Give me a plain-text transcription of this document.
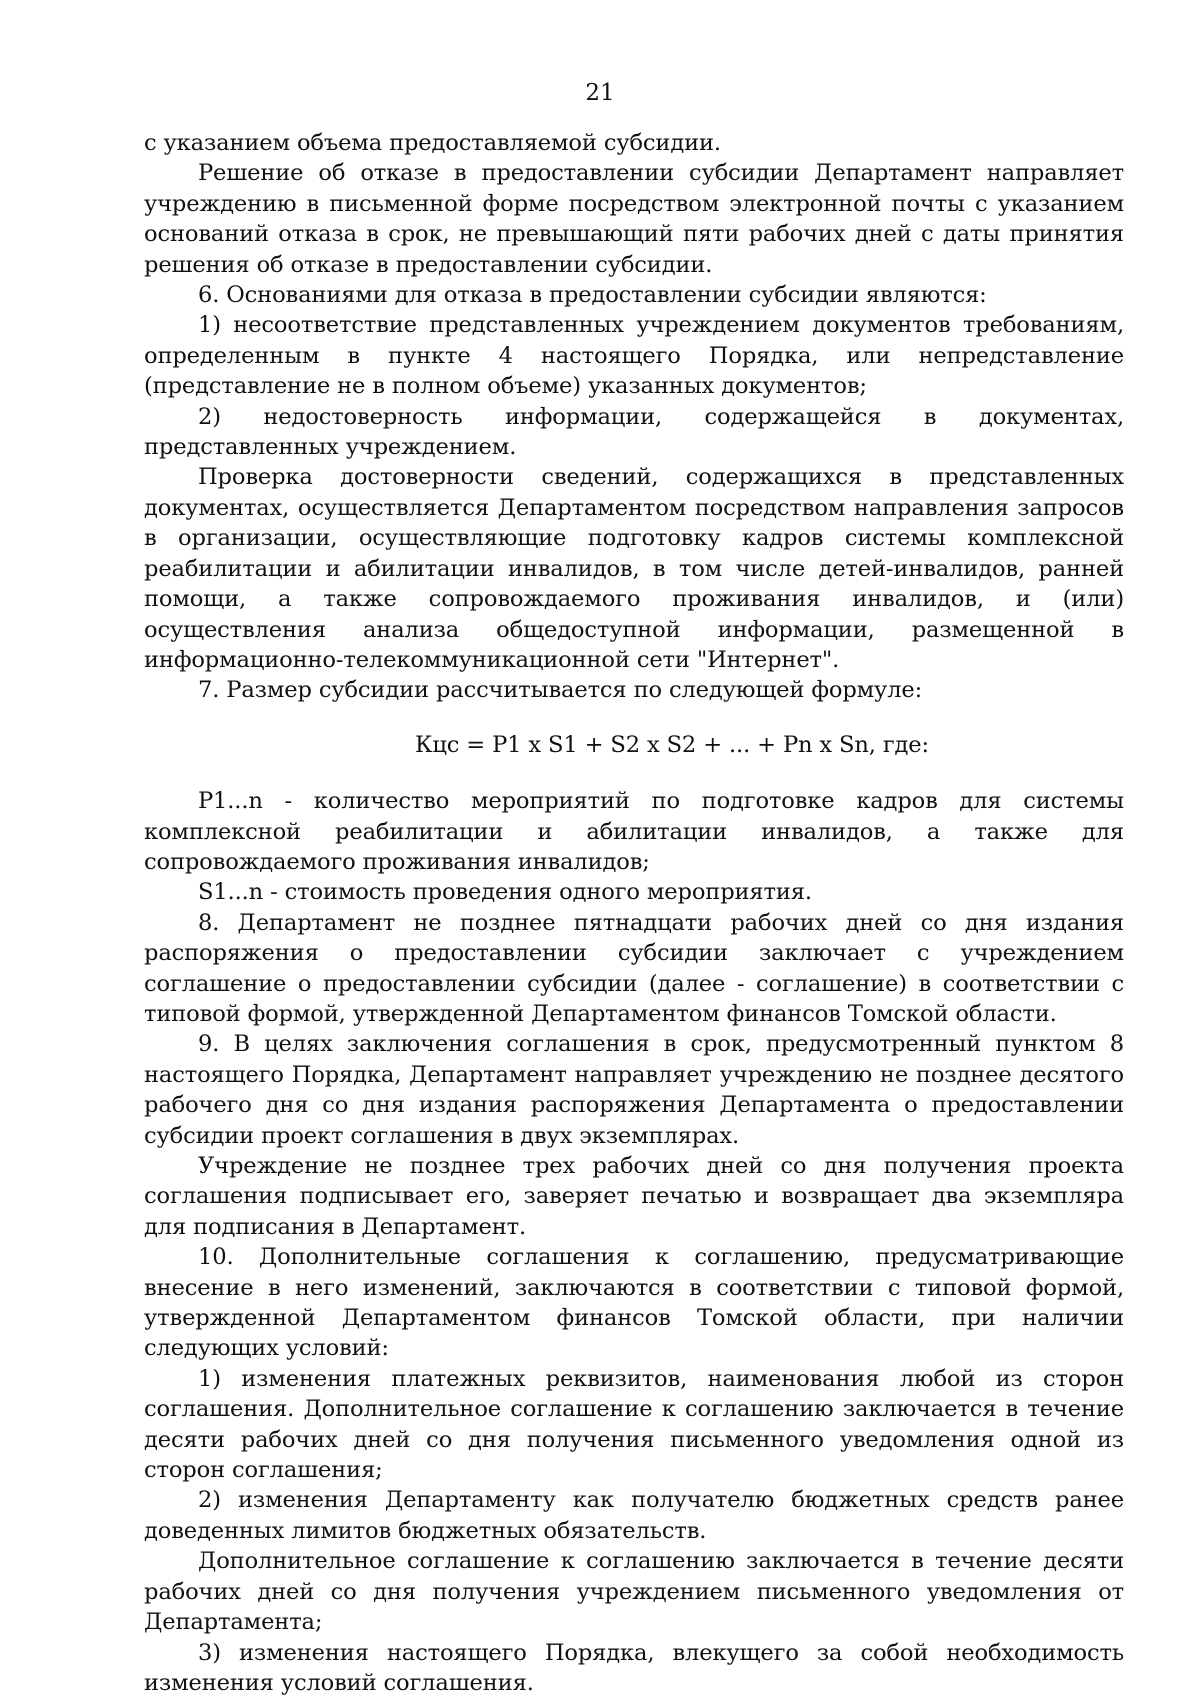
21

с указанием объема предоставляемой субсидии.

Решение об отказе в предоставлении субсидии Департамент направляет учреждению в письменной форме посредством электронной почты с указанием оснований отказа в срок, не превышающий пяти рабочих дней с даты принятия решения об отказе в предоставлении субсидии.

6. Основаниями для отказа в предоставлении субсидии являются:

1) несоответствие представленных учреждением документов требованиям, определенным в пункте 4 настоящего Порядка, или непредставление (представление не в полном объеме) указанных документов;

2) недостоверность информации, содержащейся в документах, представленных учреждением.

Проверка достоверности сведений, содержащихся в представленных документах, осуществляется Департаментом посредством направления запросов в организации, осуществляющие подготовку кадров системы комплексной реабилитации и абилитации инвалидов, в том числе детей-инвалидов, ранней помощи, а также сопровождаемого проживания инвалидов, и (или) осуществления анализа общедоступной информации, размещенной в информационно-телекоммуникационной сети "Интернет".

7. Размер субсидии рассчитывается по следующей формуле:

Кцс = P1 x S1 + S2 x S2 + ... + Pn x Sn, где:

P1...n - количество мероприятий по подготовке кадров для системы комплексной реабилитации и абилитации инвалидов, а также для сопровождаемого проживания инвалидов;

S1...n - стоимость проведения одного мероприятия.

8. Департамент не позднее пятнадцати рабочих дней со дня издания распоряжения о предоставлении субсидии заключает с учреждением соглашение о предоставлении субсидии (далее - соглашение) в соответствии с типовой формой, утвержденной Департаментом финансов Томской области.

9. В целях заключения соглашения в срок, предусмотренный пунктом 8 настоящего Порядка, Департамент направляет учреждению не позднее десятого рабочего дня со дня издания распоряжения Департамента о предоставлении субсидии проект соглашения в двух экземплярах.

Учреждение не позднее трех рабочих дней со дня получения проекта соглашения подписывает его, заверяет печатью и возвращает два экземпляра для подписания в Департамент.

10. Дополнительные соглашения к соглашению, предусматривающие внесение в него изменений, заключаются в соответствии с типовой формой, утвержденной Департаментом финансов Томской области, при наличии следующих условий:

1) изменения платежных реквизитов, наименования любой из сторон соглашения. Дополнительное соглашение к соглашению заключается в течение десяти рабочих дней со дня получения письменного уведомления одной из сторон соглашения;

2) изменения Департаменту как получателю бюджетных средств ранее доведенных лимитов бюджетных обязательств.

Дополнительное соглашение к соглашению заключается в течение десяти рабочих дней со дня получения учреждением письменного уведомления от Департамента;

3) изменения настоящего Порядка, влекущего за собой необходимость изменения условий соглашения.
